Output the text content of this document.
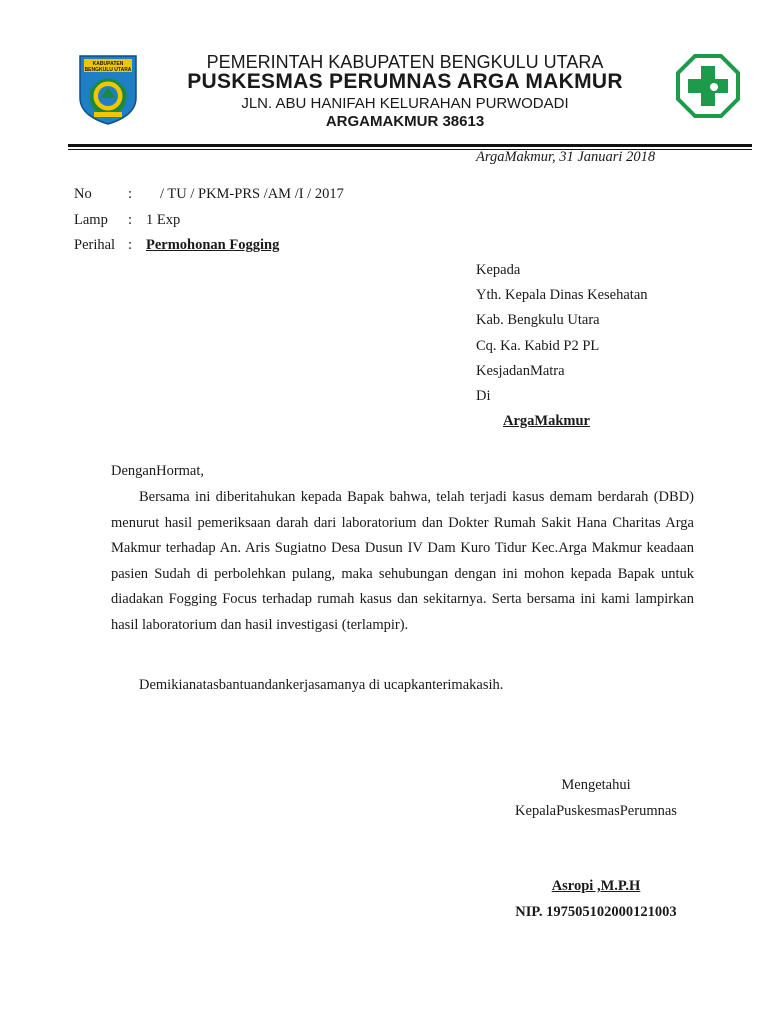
KABUPATEN
BENGKULU UTARA	PEMERINTAH KABUPATEN BENGKULU UTARA
PUSKESMAS PERUMNAS ARGA MAKMUR
JLN. ABU HANIFAH KELURAHAN PURWODADI
ARGAMAKMUR 38613
ArgaMakmur, 31 Januari 2018
No	: / TU / PKM-PRS /AM /I / 2017
Lamp : 1 Exp
Perihal : Permohonan Fogging
Kepada
Yth. Kepala Dinas Kesehatan
Kab. Bengkulu Utara
Cq. Ka. Kabid P2 PL
KesjadanMatra
Di
ArgaMakmur
DenganHormat,
Bersama ini diberitahukan kepada Bapak bahwa, telah terjadi kasus demam berdarah (DBD) menurut hasil pemeriksaan darah dari laboratorium dan Dokter Rumah Sakit Hana Charitas Arga Makmur terhadap An. Aris Sugiatno Desa Dusun IV Dam Kuro Tidur Kec.Arga Makmur keadaan pasien Sudah di perbolehkan pulang, maka sehubungan dengan ini mohon kepada Bapak untuk diadakan Fogging Focus terhadap rumah kasus dan sekitarnya. Serta bersama ini kami lampirkan hasil laboratorium dan hasil investigasi (terlampir).
Demikianatasbantuandankerjasamanya di ucapkanterimakasih.
Mengetahui
KepalaPuskesmasPerumnas
Asropi ,M.P.H
NIP. 197505102000121003
